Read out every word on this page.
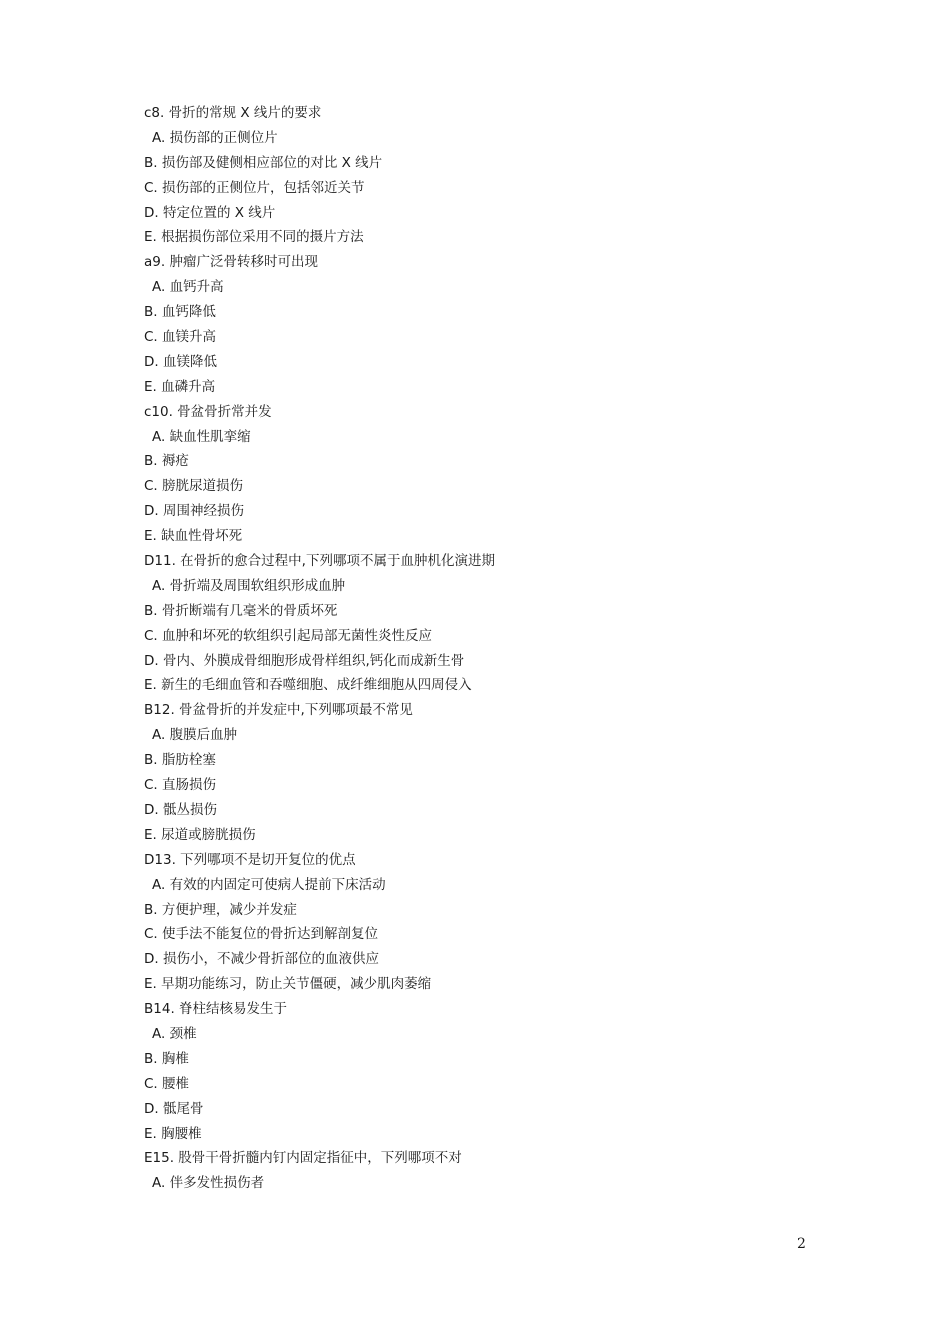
c8. 骨折的常规 X 线片的要求
A. 损伤部的正侧位片
B. 损伤部及健侧相应部位的对比 X 线片
C. 损伤部的正侧位片，包括邻近关节
D. 特定位置的 X 线片
E. 根据损伤部位采用不同的摄片方法
a9. 肿瘤广泛骨转移时可出现
A. 血钙升高
B. 血钙降低
C. 血镁升高
D. 血镁降低
E. 血磷升高
c10. 骨盆骨折常并发
A. 缺血性肌挛缩
B. 褥疮
C. 膀胱尿道损伤
D. 周围神经损伤
E. 缺血性骨坏死
D11. 在骨折的愈合过程中,下列哪项不属于血肿机化演进期
A. 骨折端及周围软组织形成血肿
B. 骨折断端有几毫米的骨质坏死
C. 血肿和坏死的软组织引起局部无菌性炎性反应
D. 骨内、外膜成骨细胞形成骨样组织,钙化而成新生骨
E. 新生的毛细血管和吞噬细胞、成纤维细胞从四周侵入
B12. 骨盆骨折的并发症中,下列哪项最不常见
A. 腹膜后血肿
B. 脂肪栓塞
C. 直肠损伤
D. 骶丛损伤
E. 尿道或膀胱损伤
D13. 下列哪项不是切开复位的优点
A. 有效的内固定可使病人提前下床活动
B. 方便护理，减少并发症
C. 使手法不能复位的骨折达到解剖复位
D. 损伤小，不减少骨折部位的血液供应
E. 早期功能练习，防止关节僵硬，减少肌肉萎缩
B14. 脊柱结核易发生于
A. 颈椎
B. 胸椎
C. 腰椎
D. 骶尾骨
E. 胸腰椎
E15. 股骨干骨折髓内钉内固定指征中，下列哪项不对
A. 伴多发性损伤者
2
